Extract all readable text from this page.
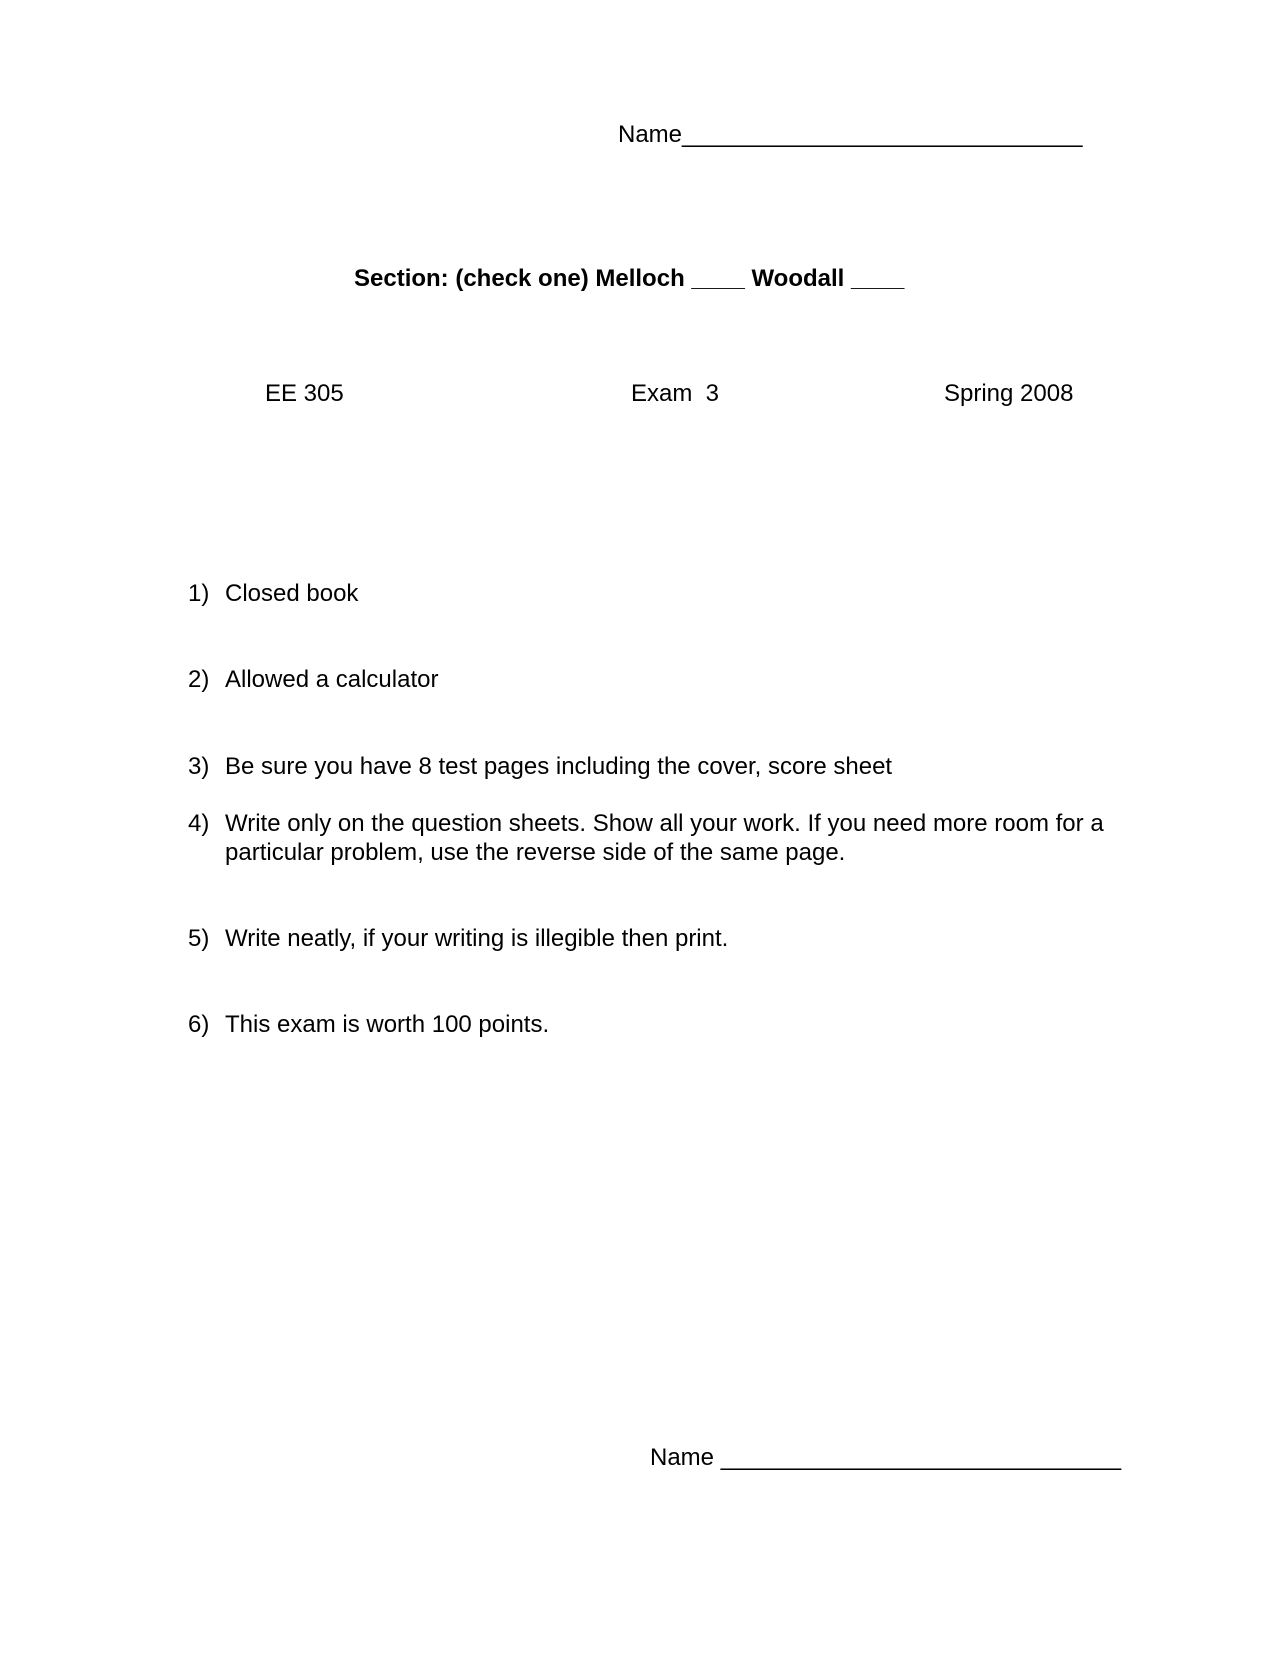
Name______________________________
Section: (check one) Melloch ____ Woodall ____
EE 305	Exam  3	Spring 2008
1) Closed book
2) Allowed a calculator
3) Be sure you have 8 test pages including the cover, score sheet
4) Write only on the question sheets. Show all your work. If you need more room for a particular problem, use the reverse side of the same page.
5) Write neatly, if your writing is illegible then print.
6) This exam is worth 100 points.
Name ______________________________
